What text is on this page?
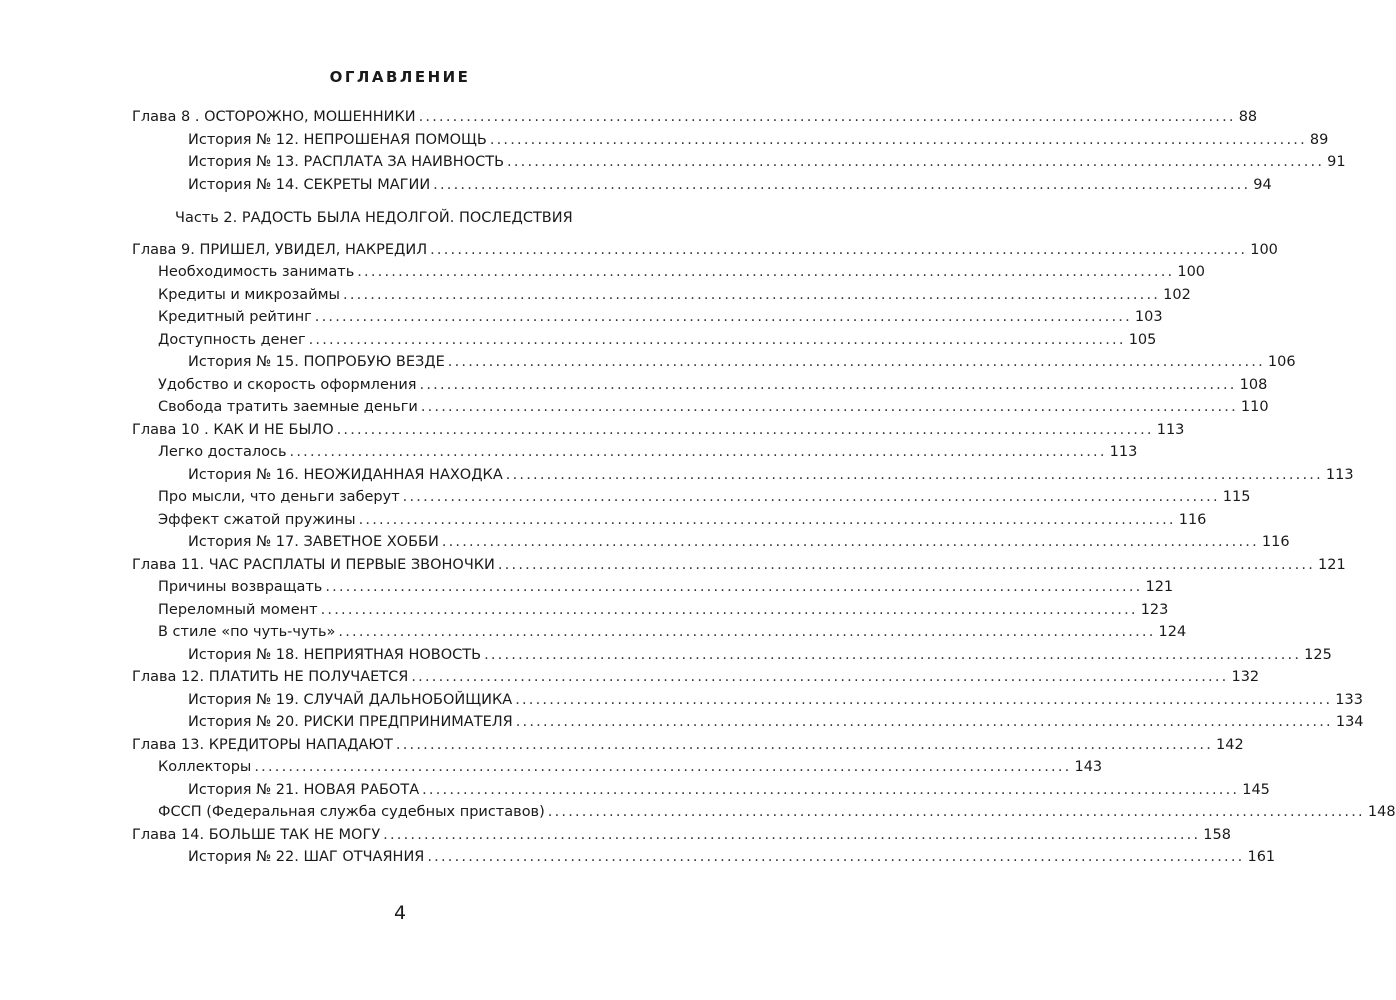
ОГЛАВЛЕНИЕ
Глава 8 . ОСТОРОЖНО, МОШЕННИКИ ........................................................................................................................ 88
История № 12. НЕПРОШЕНАЯ ПОМОЩЬ ........................................................................................................................ 89
История № 13. РАСПЛАТА ЗА НАИВНОСТЬ ........................................................................................................................ 91
История № 14. СЕКРЕТЫ МАГИИ ........................................................................................................................ 94
Часть 2. РАДОСТЬ БЫЛА НЕДОЛГОЙ. ПОСЛЕДСТВИЯ
Глава 9. ПРИШЕЛ, УВИДЕЛ, НАКРЕДИЛ ........................................................................................................................ 100
Необходимость занимать ........................................................................................................................ 100
Кредиты и микрозаймы ........................................................................................................................ 102
Кредитный рейтинг ........................................................................................................................ 103
Доступность денег ........................................................................................................................ 105
История № 15. ПОПРОБУЮ ВЕЗДЕ ........................................................................................................................ 106
Удобство и скорость оформления ........................................................................................................................ 108
Свобода тратить заемные деньги ........................................................................................................................ 110
Глава 10 . КАК И НЕ БЫЛО ........................................................................................................................ 113
Легко досталось ........................................................................................................................ 113
История № 16. НЕОЖИДАННАЯ НАХОДКА ........................................................................................................................ 113
Про мысли, что деньги заберут ........................................................................................................................ 115
Эффект сжатой пружины ........................................................................................................................ 116
История № 17. ЗАВЕТНОЕ ХОББИ ........................................................................................................................ 116
Глава 11. ЧАС РАСПЛАТЫ И ПЕРВЫЕ ЗВОНОЧКИ ........................................................................................................................ 121
Причины возвращать ........................................................................................................................ 121
Переломный момент ........................................................................................................................ 123
В стиле «по чуть-чуть» ........................................................................................................................ 124
История № 18. НЕПРИЯТНАЯ НОВОСТЬ ........................................................................................................................ 125
Глава 12. ПЛАТИТЬ НЕ ПОЛУЧАЕТСЯ ........................................................................................................................ 132
История № 19. СЛУЧАЙ ДАЛЬНОБОЙЩИКА ........................................................................................................................ 133
История № 20. РИСКИ ПРЕДПРИНИМАТЕЛЯ ........................................................................................................................ 134
Глава 13. КРЕДИТОРЫ НАПАДАЮТ ........................................................................................................................ 142
Коллекторы ........................................................................................................................ 143
История № 21. НОВАЯ РАБОТА ........................................................................................................................ 145
ФССП (Федеральная служба судебных приставов) ........................................................................................................................ 148
Глава 14. БОЛЬШЕ ТАК НЕ МОГУ ........................................................................................................................ 158
История № 22. ШАГ ОТЧАЯНИЯ ........................................................................................................................ 161
4
